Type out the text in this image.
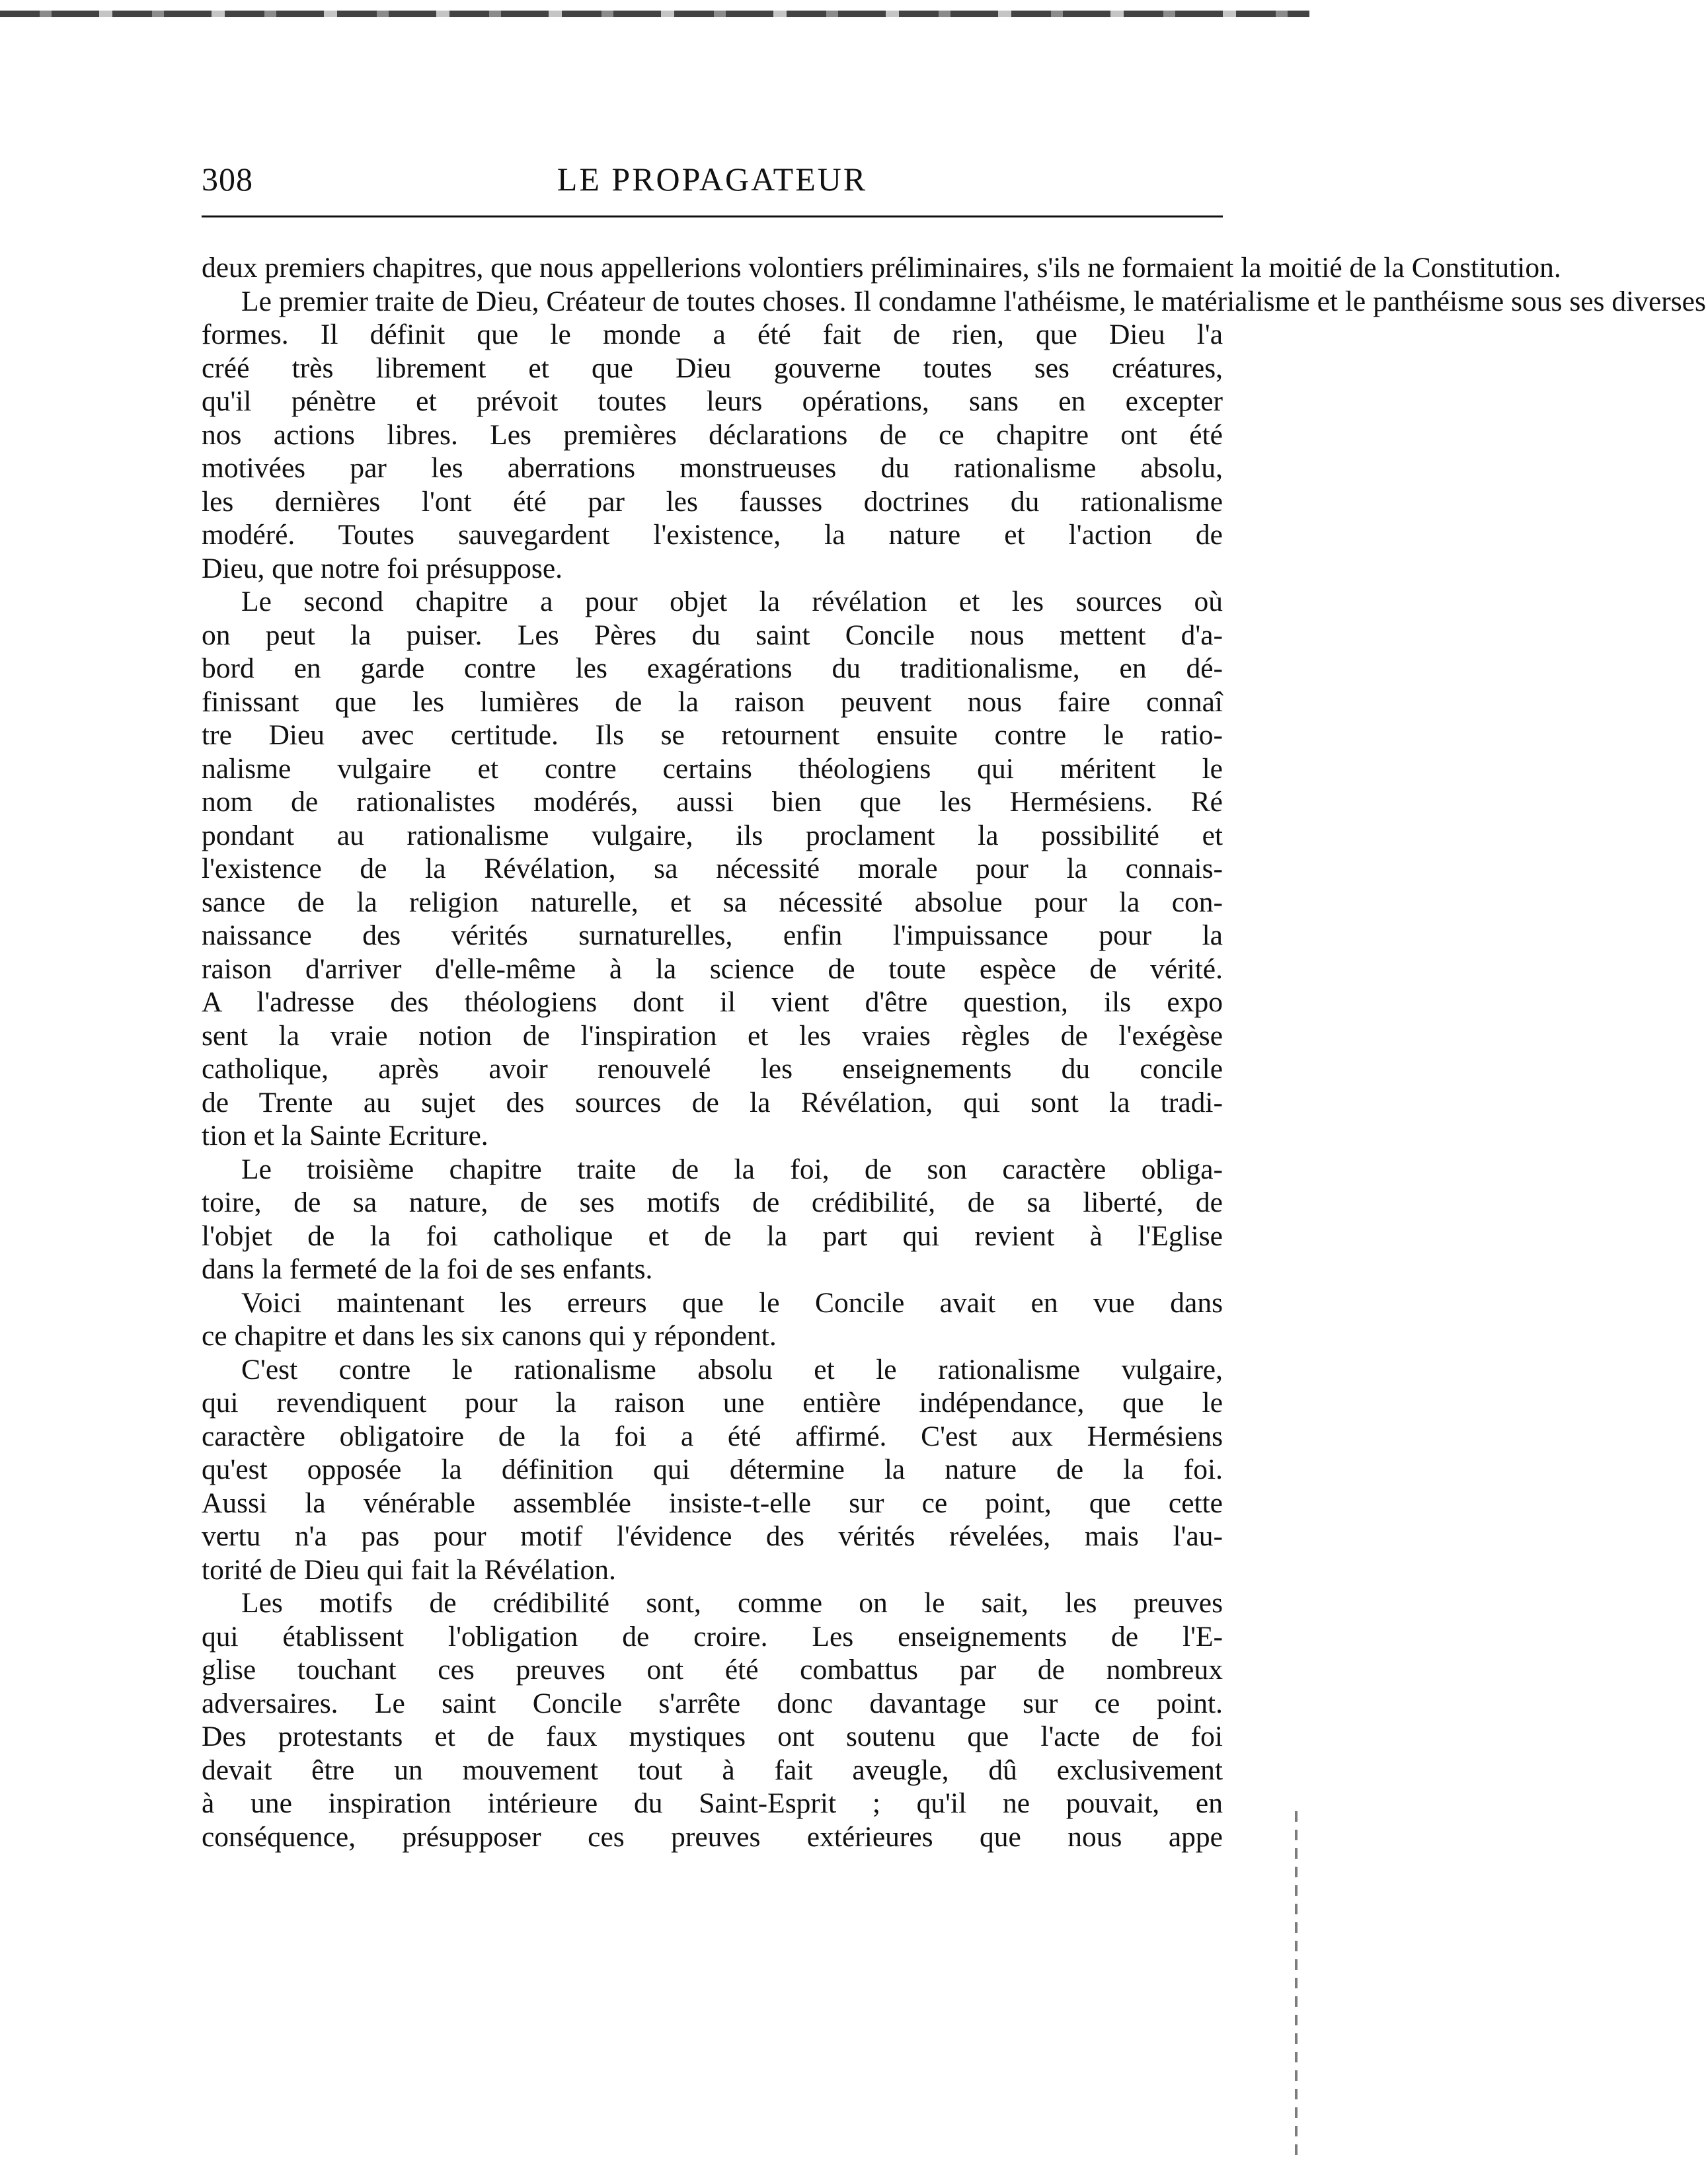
308	LE PROPAGATEUR
deux premiers chapitres, que nous appellerions volontiers préliminaires, s'ils ne formaient la moitié de la Constitution.
Le premier traite de Dieu, Créateur de toutes choses. Il condamne l'athéisme, le matérialisme et le panthéisme sous ses diverses
formes. Il définit que le monde a été fait de rien, que Dieu l'a
créé très librement et que Dieu gouverne toutes ses créatures,
qu'il pénètre et prévoit toutes leurs opérations, sans en excepter
nos actions libres. Les premières déclarations de ce chapitre ont été
motivées par les aberrations monstrueuses du rationalisme absolu,
les dernières l'ont été par les fausses doctrines du rationalisme
modéré. Toutes sauvegardent l'existence, la nature et l'action de
Dieu, que notre foi présuppose.
Le second chapitre a pour objet la révélation et les sources où
on peut la puiser. Les Pères du saint Concile nous mettent d'a-
bord en garde contre les exagérations du traditionalisme, en dé-
finissant que les lumières de la raison peuvent nous faire connaî
tre Dieu avec certitude. Ils se retournent ensuite contre le ratio-
nalisme vulgaire et contre certains théologiens qui méritent le
nom de rationalistes modérés, aussi bien que les Hermésiens. Ré
pondant au rationalisme vulgaire, ils proclament la possibilité et
l'existence de la Révélation, sa nécessité morale pour la connais-
sance de la religion naturelle, et sa nécessité absolue pour la con-
naissance des vérités surnaturelles, enfin l'impuissance pour la
raison d'arriver d'elle-même à la science de toute espèce de vérité.
A l'adresse des théologiens dont il vient d'être question, ils expo
sent la vraie notion de l'inspiration et les vraies règles de l'exégèse
catholique, après avoir renouvelé les enseignements du concile
de Trente au sujet des sources de la Révélation, qui sont la tradi-
tion et la Sainte Ecriture.
Le troisième chapitre traite de la foi, de son caractère obliga-
toire, de sa nature, de ses motifs de crédibilité, de sa liberté, de
l'objet de la foi catholique et de la part qui revient à l'Eglise
dans la fermeté de la foi de ses enfants.
Voici maintenant les erreurs que le Concile avait en vue dans
ce chapitre et dans les six canons qui y répondent.
C'est contre le rationalisme absolu et le rationalisme vulgaire,
qui revendiquent pour la raison une entière indépendance, que le
caractère obligatoire de la foi a été affirmé. C'est aux Hermésiens
qu'est opposée la définition qui détermine la nature de la foi.
Aussi la vénérable assemblée insiste-t-elle sur ce point, que cette
vertu n'a pas pour motif l'évidence des vérités révelées, mais l'au-
torité de Dieu qui fait la Révélation.
Les motifs de crédibilité sont, comme on le sait, les preuves
qui établissent l'obligation de croire. Les enseignements de l'E-
glise touchant ces preuves ont été combattus par de nombreux
adversaires. Le saint Concile s'arrête donc davantage sur ce point.
Des protestants et de faux mystiques ont soutenu que l'acte de foi
devait être un mouvement tout à fait aveugle, dû exclusivement
à une inspiration intérieure du Saint-Esprit ; qu'il ne pouvait, en
conséquence, présupposer ces preuves extérieures que nous appe
